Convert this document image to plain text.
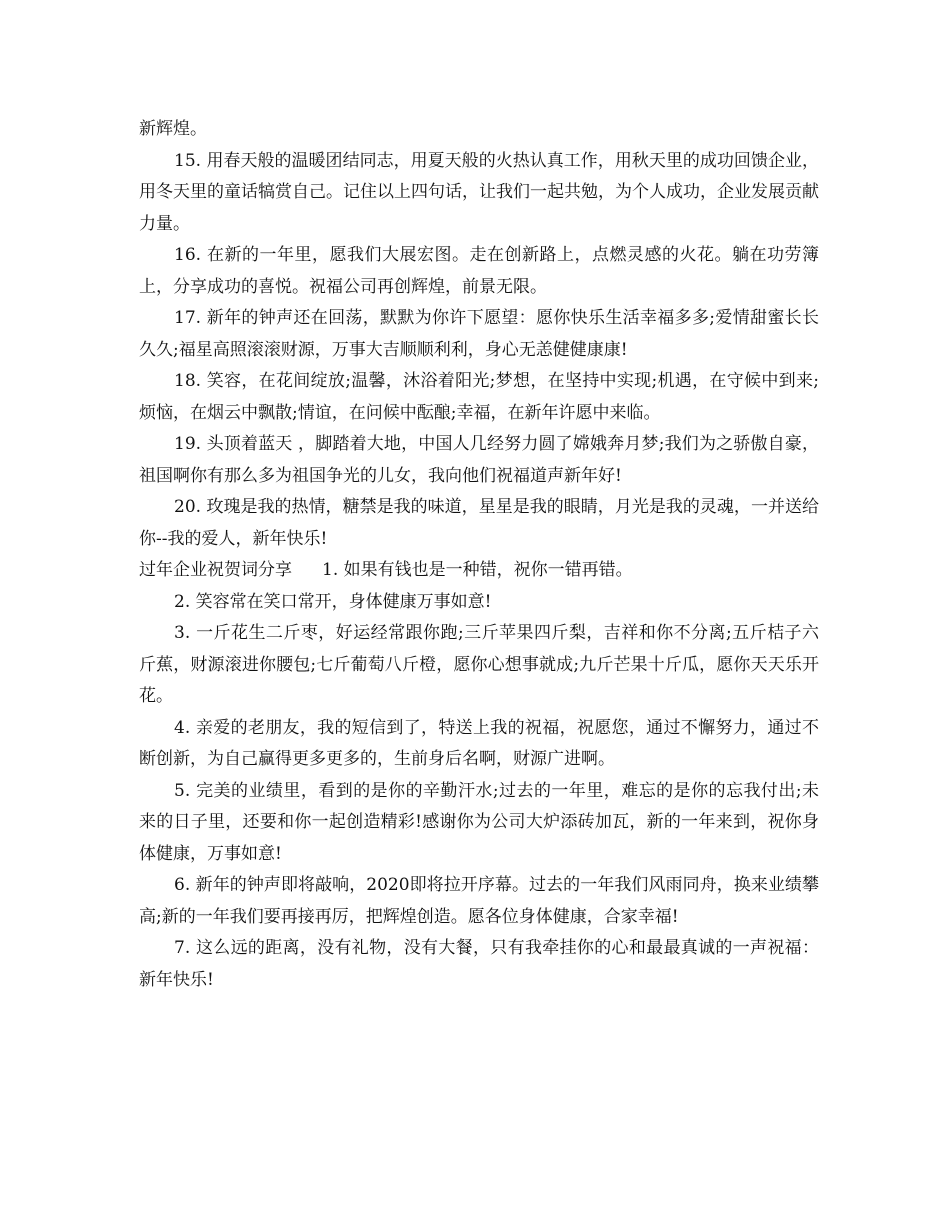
新辉煌。

15. 用春天般的温暖团结同志，用夏天般的火热认真工作，用秋天里的成功回馈企业，用冬天里的童话犒赏自己。记住以上四句话，让我们一起共勉，为个人成功，企业发展贡献力量。

16. 在新的一年里，愿我们大展宏图。走在创新路上，点燃灵感的火花。躺在功劳簿上，分享成功的喜悦。祝福公司再创辉煌，前景无限。

17. 新年的钟声还在回荡，默默为你许下愿望：愿你快乐生活幸福多多;爱情甜蜜长长久久;福星高照滚滚财源，万事大吉顺顺利利，身心无恙健健康康!

18. 笑容，在花间绽放;温馨，沐浴着阳光;梦想，在坚持中实现;机遇，在守候中到来;烦恼，在烟云中飘散;情谊，在问候中酝酿;幸福，在新年许愿中来临。

19. 头顶着蓝天 ，脚踏着大地，中国人几经努力圆了嫦娥奔月梦;我们为之骄傲自豪，祖国啊你有那么多为祖国争光的儿女，我向他们祝福道声新年好!

20. 玫瑰是我的热情，糖禁是我的味道，星星是我的眼睛，月光是我的灵魂，一并送给你--我的爱人，新年快乐!

过年企业祝贺词分享 1. 如果有钱也是一种错，祝你一错再错。

2. 笑容常在笑口常开，身体健康万事如意!

3. 一斤花生二斤枣，好运经常跟你跑;三斤苹果四斤梨，吉祥和你不分离;五斤桔子六斤蕉，财源滚进你腰包;七斤葡萄八斤橙，愿你心想事就成;九斤芒果十斤瓜，愿你天天乐开花。

4. 亲爱的老朋友，我的短信到了，特送上我的祝福，祝愿您，通过不懈努力，通过不断创新，为自己赢得更多更多的，生前身后名啊，财源广进啊。

5. 完美的业绩里，看到的是你的辛勤汗水;过去的一年里，难忘的是你的忘我付出;未来的日子里，还要和你一起创造精彩!感谢你为公司大炉添砖加瓦，新的一年来到，祝你身体健康，万事如意!

6. 新年的钟声即将敲响，2020即将拉开序幕。过去的一年我们风雨同舟，换来业绩攀高;新的一年我们要再接再厉，把辉煌创造。愿各位身体健康，合家幸福!

7. 这么远的距离，没有礼物，没有大餐，只有我牵挂你的心和最最真诚的一声祝福：新年快乐!
